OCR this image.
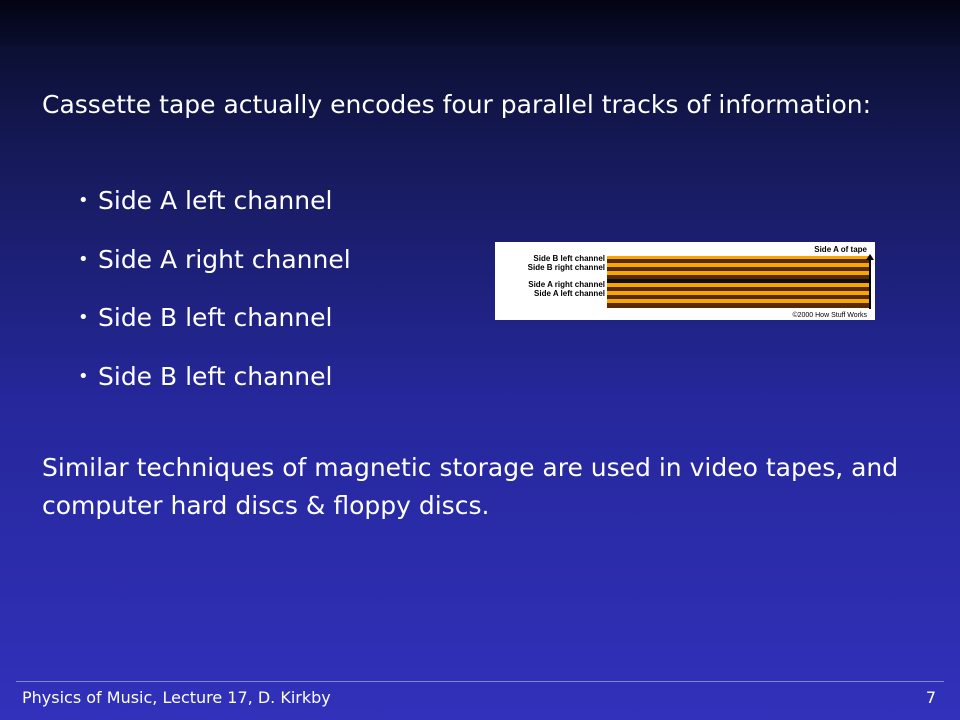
Cassette tape actually encodes four parallel tracks of information:
• Side A left channel
• Side A right channel
• Side B left channel
• Side B left channel
Side A of tape
Side B left channel
Side B right channel
Side A right channel
Side A left channel
©2000 How Stuff Works
Similar techniques of magnetic storage are used in video tapes, and computer hard discs & floppy discs.
Physics of Music, Lecture 17, D. Kirkby	7
